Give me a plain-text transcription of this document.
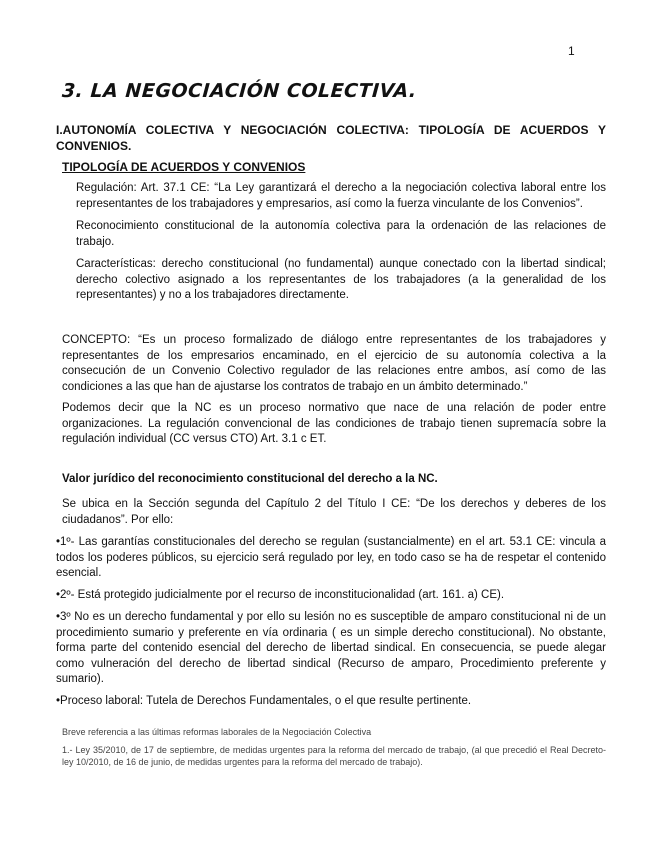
1
3. LA NEGOCIACIÓN COLECTIVA.
I.AUTONOMÍA COLECTIVA Y NEGOCIACIÓN COLECTIVA: TIPOLOGÍA DE ACUERDOS Y CONVENIOS.
TIPOLOGÍA DE ACUERDOS Y CONVENIOS

Regulación: Art. 37.1 CE: “La Ley garantizará el derecho a la negociación colectiva laboral entre los representantes de los trabajadores y empresarios, así como la fuerza vinculante de los Convenios”.

Reconocimiento constitucional de la autonomía colectiva para la ordenación de las relaciones de trabajo.

Características: derecho constitucional (no fundamental) aunque conectado con la libertad sindical; derecho colectivo asignado a los representantes de los trabajadores (a la generalidad de los representantes) y no a los trabajadores directamente.

CONCEPTO: “Es un proceso formalizado de diálogo entre representantes de los trabajadores y representantes de los empresarios encaminado, en el ejercicio de su autonomía colectiva a la consecución de un Convenio Colectivo regulador de las relaciones entre ambos, así como de las condiciones a las que han de ajustarse los contratos de trabajo en un ámbito determinado.”

Podemos decir que la NC es un proceso normativo que nace de una relación de poder entre organizaciones. La regulación convencional de las condiciones de trabajo tienen supremacía sobre la regulación individual (CC versus CTO) Art. 3.1 c ET.

Valor jurídico del reconocimiento constitucional del derecho a la NC.

Se ubica en la Sección segunda del Capítulo 2 del Título I CE: “De los derechos y deberes de los ciudadanos”. Por ello:

•1º- Las garantías constitucionales del derecho se regulan (sustancialmente) en el art. 53.1 CE: vincula a todos los poderes públicos, su ejercicio será regulado por ley, en todo caso se ha de respetar el contenido esencial.

•2º- Está protegido judicialmente por el recurso de inconstitucionalidad (art. 161. a) CE).

•3º No es un derecho fundamental y por ello su lesión no es susceptible de amparo constitucional ni de un procedimiento sumario y preferente en vía ordinaria ( es un simple derecho constitucional). No obstante, forma parte del contenido esencial del derecho de libertad sindical. En consecuencia, se puede alegar como vulneración del derecho de libertad sindical (Recurso de amparo, Procedimiento preferente y sumario).

•Proceso laboral: Tutela de Derechos Fundamentales, o el que resulte pertinente.

Breve referencia a las últimas reformas laborales de la Negociación Colectiva

1.- Ley 35/2010, de 17 de septiembre, de medidas urgentes para la reforma del mercado de trabajo, (al que precedió el Real Decreto-ley 10/2010, de 16 de junio, de medidas urgentes para la reforma del mercado de trabajo).
